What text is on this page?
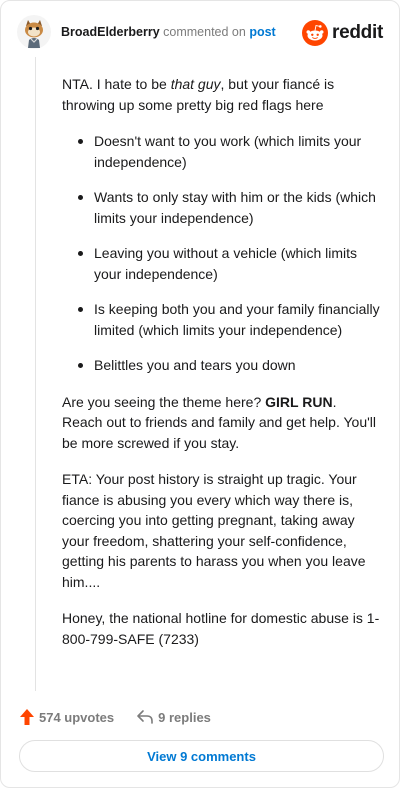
BroadElderberry commented on post	reddit

NTA. I hate to be that guy, but your fiancé is throwing up some pretty big red flags here

Doesn't want to you work (which limits your independence)
Wants to only stay with him or the kids (which limits your independence)
Leaving you without a vehicle (which limits your independence)
Is keeping both you and your family financially limited (which limits your independence)
Belittles you and tears you down

Are you seeing the theme here? GIRL RUN. Reach out to friends and family and get help. You'll be more screwed if you stay.

ETA: Your post history is straight up tragic. Your fiance is abusing you every which way there is, coercing you into getting pregnant, taking away your freedom, shattering your self-confidence, getting his parents to harass you when you leave him....

Honey, the national hotline for domestic abuse is 1-800-799-SAFE (7233)

574 upvotes	9 replies
View 9 comments
